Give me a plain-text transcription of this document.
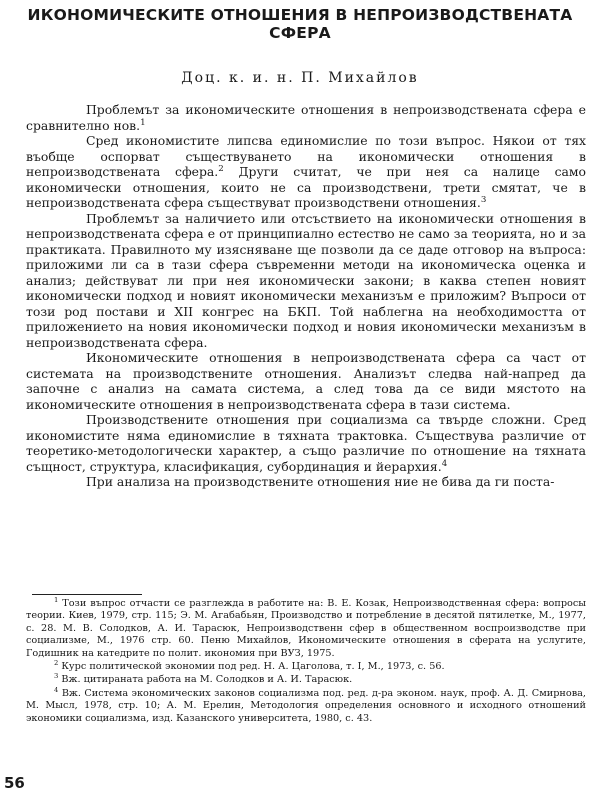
ИКОНОМИЧЕСКИТЕ ОТНОШЕНИЯ В НЕПРОИЗВОДСТВЕНАТА СФЕРА

Доц. к. и. н. П. Михайлов

Проблемът за икономическите отношения в непроизводствената сфера е сравнително нов.$^1$

Сред икономистите липсва единомислие по този въпрос. Някои от тях въобще оспорват съществуването на икономически отношения в непроизводствената сфера.$^2$ Други считат, че при нея са налице само икономически отношения, които не са производствени, трети смятат, че в непроизводствената сфера съществуват производствени отношения.$^3$

Проблемът за наличието или отсъствието на икономически отношения в непроизводствената сфера е от принципиално естество не само за теорията, но и за практиката. Правилното му изясняване ще позволи да се даде отговор на въпроса: приложими ли са в тази сфера съвременни методи на икономическа оценка и анализ; действуват ли при нея икономически закони; в каква степен новият икономически подход и новият икономически механизъм е приложим? Въпроси от този род постави и XII конгрес на БКП. Той наблегна на необходимостта от приложението на новия икономически подход и новия икономически механизъм в непроизводствената сфера.

Икономическите отношения в непроизводствената сфера са част от системата на производствените отношения. Анализът следва най-напред да започне с анализ на самата система, а след това да се види мястото на икономическите отношения в непроизводствената сфера в тази система.

Производствените отношения при социализма са твърде сложни. Сред икономистите няма единомислие в тяхната трактовка. Съществува различие от теоретико-методологически характер, а също различие по отношение на тяхната същност, структура, класификация, субординация и йерархия.$^4$

При анализа на производствените отношения ние не бива да ги поста-

$^1$ Този въпрос отчасти се разглежда в работите на: В. Е. Козак, Непроизводственная сфера: вопросы теории. Киев, 1979, стр. 115; Э. М. Агабабьян, Производство и потребление в десятой пятилетке, М., 1977, с. 28. М. В. Солодков, А. И. Тарасюк, Непроизводствeнн сфер в общественном воспроизводстве при социализме, М., 1976 стр. 60. Пеню Михайлов, Икономическите отношения в сферата на услугите, Годишник на катедрите по полит. икономия при ВУЗ, 1975.

$^2$ Курс политической экономии под ред. Н. А. Цаголова, т. I, М., 1973, с. 56.

$^3$ Вж. цитираната работа на М. Солодков и А. И. Тарасюк.

$^4$ Вж. Система экономических законов социализма под. ред. д-ра эконом. наук, проф. А. Д. Смирнова, М. Мысл, 1978, стр. 10; А. М. Ерелин, Методология определения основного и исходного отношений экономики социализма, изд. Казанского университета, 1980, с. 43.

56
